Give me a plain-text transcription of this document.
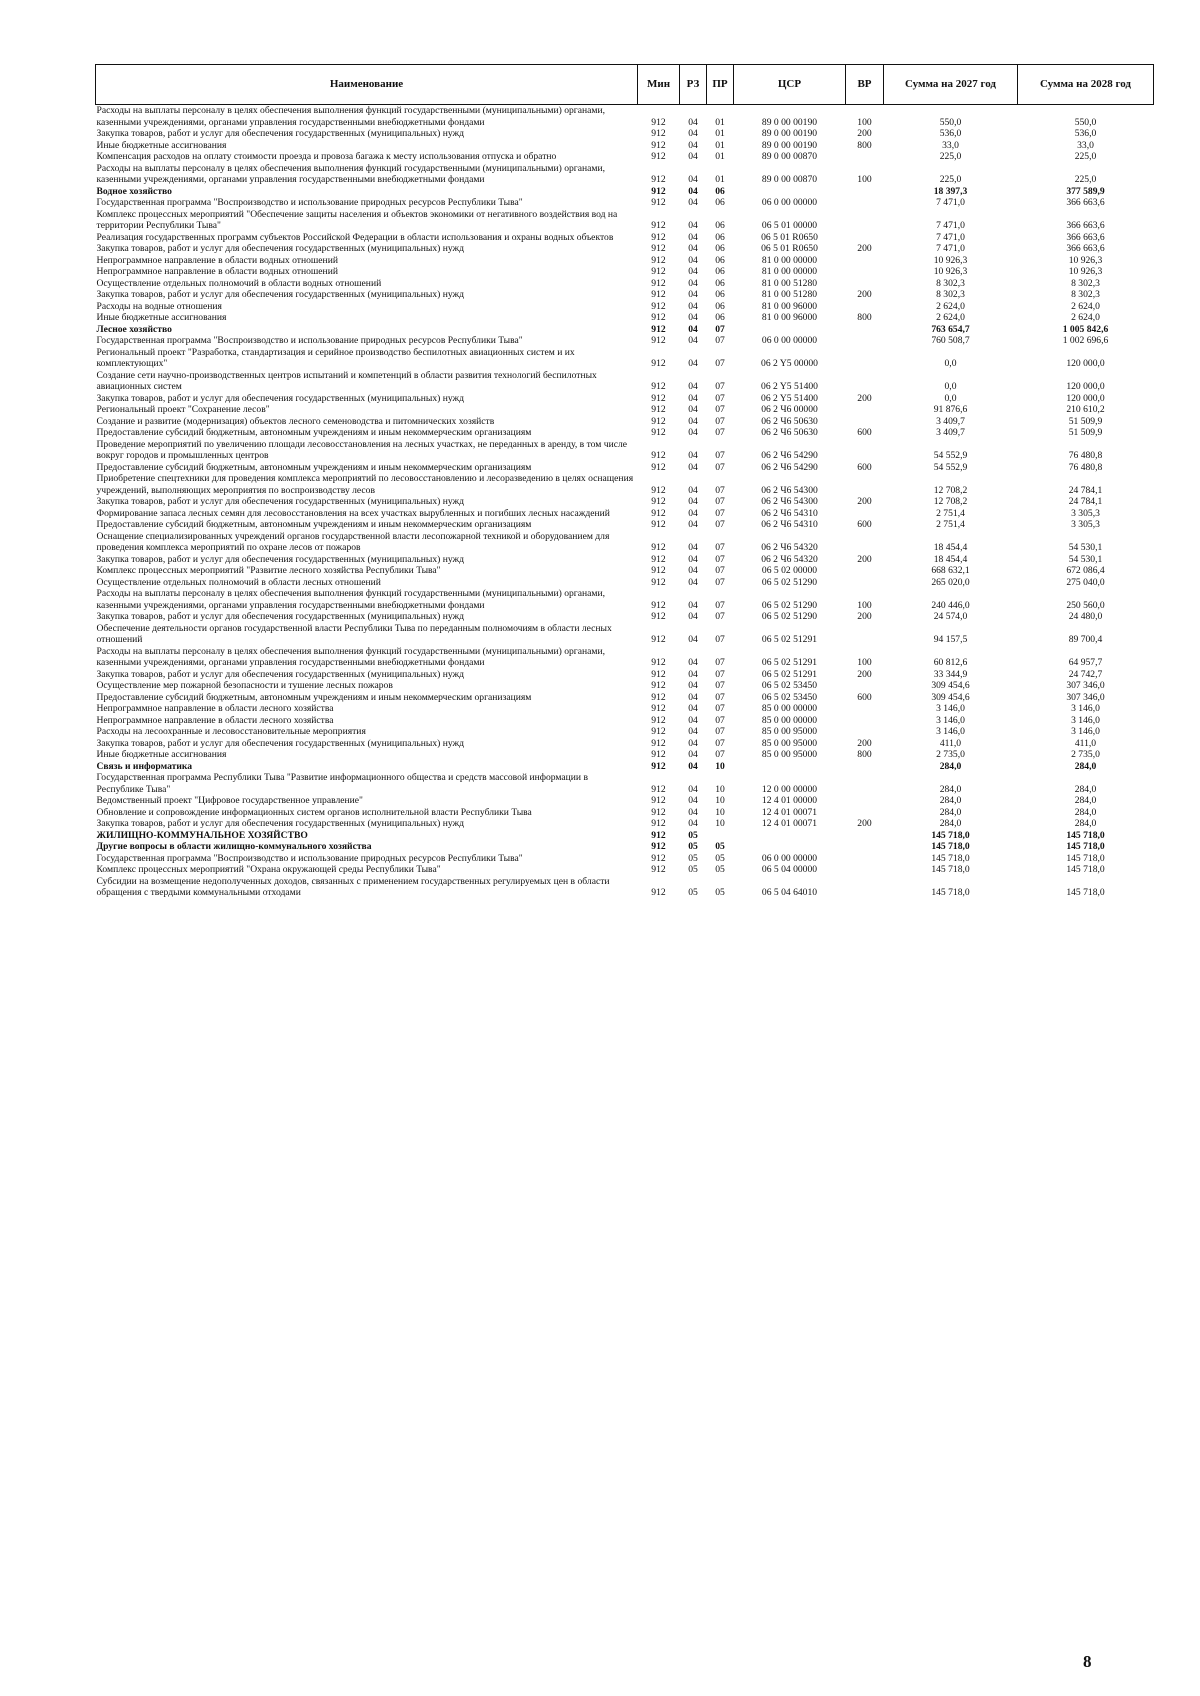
Наименование	Мин	РЗ	ПР	ЦСР	ВР	Сумма на 2027 год	Сумма на 2028 год
Расходы на выплаты персоналу в целях обеспечения выполнения функций государственными (муниципальными) органами, казенными учреждениями, органами управления государственными внебюджетными фондами	912	04	01	89 0 00 00190	100	550,0	550,0
Закупка товаров, работ и услуг для обеспечения государственных (муниципальных) нужд	912	04	01	89 0 00 00190	200	536,0	536,0
Иные бюджетные ассигнования	912	04	01	89 0 00 00190	800	33,0	33,0
Компенсация расходов на оплату стоимости проезда и провоза багажа к месту использования отпуска и обратно	912	04	01	89 0 00 00870		225,0	225,0
Расходы на выплаты персоналу в целях обеспечения выполнения функций государственными (муниципальными) органами, казенными учреждениями, органами управления государственными внебюджетными фондами	912	04	01	89 0 00 00870	100	225,0	225,0
Водное хозяйство	912	04	06			18 397,3	377 589,9
Государственная программа "Воспроизводство и использование природных ресурсов Республики Тыва"	912	04	06	06 0 00 00000		7 471,0	366 663,6
Комплекс процессных мероприятий "Обеспечение защиты населения и объектов экономики от негативного воздействия вод на территории Республики Тыва"	912	04	06	06 5 01 00000		7 471,0	366 663,6
Реализация государственных программ субъектов Российской Федерации в области использования и охраны водных объектов	912	04	06	06 5 01 R0650		7 471,0	366 663,6
Закупка товаров, работ и услуг для обеспечения государственных (муниципальных) нужд	912	04	06	06 5 01 R0650	200	7 471,0	366 663,6
Непрограммное направление в области водных отношений	912	04	06	81 0 00 00000		10 926,3	10 926,3
Непрограммное направление в области водных отношений	912	04	06	81 0 00 00000		10 926,3	10 926,3
Осуществление отдельных полномочий в области водных отношений	912	04	06	81 0 00 51280		8 302,3	8 302,3
Закупка товаров, работ и услуг для обеспечения государственных (муниципальных) нужд	912	04	06	81 0 00 51280	200	8 302,3	8 302,3
Расходы на водные отношения	912	04	06	81 0 00 96000		2 624,0	2 624,0
Иные бюджетные ассигнования	912	04	06	81 0 00 96000	800	2 624,0	2 624,0
Лесное хозяйство	912	04	07			763 654,7	1 005 842,6
Государственная программа "Воспроизводство и использование природных ресурсов Республики Тыва"	912	04	07	06 0 00 00000		760 508,7	1 002 696,6
Региональный проект "Разработка, стандартизация и серийное производство беспилотных авиационных систем и их комплектующих"	912	04	07	06 2 Y5 00000		0,0	120 000,0
Создание сети научно-производственных центров испытаний и компетенций в области развития технологий беспилотных авиационных систем	912	04	07	06 2 Y5 51400		0,0	120 000,0
Закупка товаров, работ и услуг для обеспечения государственных (муниципальных) нужд	912	04	07	06 2 Y5 51400	200	0,0	120 000,0
Региональный проект "Сохранение лесов"	912	04	07	06 2 Ч6 00000		91 876,6	210 610,2
Создание и развитие (модернизация) объектов лесного семеноводства и питомнических хозяйств	912	04	07	06 2 Ч6 50630		3 409,7	51 509,9
Предоставление субсидий бюджетным, автономным учреждениям и иным некоммерческим организациям	912	04	07	06 2 Ч6 50630	600	3 409,7	51 509,9
Проведение мероприятий по увеличению площади лесовосстановления на лесных участках, не переданных в аренду, в том числе вокруг городов и промышленных центров	912	04	07	06 2 Ч6 54290		54 552,9	76 480,8
Предоставление субсидий бюджетным, автономным учреждениям и иным некоммерческим организациям	912	04	07	06 2 Ч6 54290	600	54 552,9	76 480,8
Приобретение спецтехники для проведения комплекса мероприятий по лесовосстановлению и лесоразведению в целях оснащения учреждений, выполняющих мероприятия по воспроизводству лесов	912	04	07	06 2 Ч6 54300		12 708,2	24 784,1
Закупка товаров, работ и услуг для обеспечения государственных (муниципальных) нужд	912	04	07	06 2 Ч6 54300	200	12 708,2	24 784,1
Формирование запаса лесных семян для лесовосстановления на всех участках вырубленных и погибших лесных насаждений	912	04	07	06 2 Ч6 54310		2 751,4	3 305,3
Предоставление субсидий бюджетным, автономным учреждениям и иным некоммерческим организациям	912	04	07	06 2 Ч6 54310	600	2 751,4	3 305,3
Оснащение специализированных учреждений органов государственной власти лесопожарной техникой и оборудованием для проведения комплекса мероприятий по охране лесов от пожаров	912	04	07	06 2 Ч6 54320		18 454,4	54 530,1
Закупка товаров, работ и услуг для обеспечения государственных (муниципальных) нужд	912	04	07	06 2 Ч6 54320	200	18 454,4	54 530,1
Комплекс процессных мероприятий "Развитие лесного хозяйства Республики Тыва"	912	04	07	06 5 02 00000		668 632,1	672 086,4
Осуществление отдельных полномочий в области лесных отношений	912	04	07	06 5 02 51290		265 020,0	275 040,0
Расходы на выплаты персоналу в целях обеспечения выполнения функций государственными (муниципальными) органами, казенными учреждениями, органами управления государственными внебюджетными фондами	912	04	07	06 5 02 51290	100	240 446,0	250 560,0
Закупка товаров, работ и услуг для обеспечения государственных (муниципальных) нужд	912	04	07	06 5 02 51290	200	24 574,0	24 480,0
Обеспечение деятельности органов государственной власти Республики Тыва по переданным полномочиям в области лесных отношений	912	04	07	06 5 02 51291		94 157,5	89 700,4
Расходы на выплаты персоналу в целях обеспечения выполнения функций государственными (муниципальными) органами, казенными учреждениями, органами управления государственными внебюджетными фондами	912	04	07	06 5 02 51291	100	60 812,6	64 957,7
Закупка товаров, работ и услуг для обеспечения государственных (муниципальных) нужд	912	04	07	06 5 02 51291	200	33 344,9	24 742,7
Осуществление мер пожарной безопасности и тушение лесных пожаров	912	04	07	06 5 02 53450		309 454,6	307 346,0
Предоставление субсидий бюджетным, автономным учреждениям и иным некоммерческим организациям	912	04	07	06 5 02 53450	600	309 454,6	307 346,0
Непрограммное направление в области лесного хозяйства	912	04	07	85 0 00 00000		3 146,0	3 146,0
Непрограммное направление в области лесного хозяйства	912	04	07	85 0 00 00000		3 146,0	3 146,0
Расходы на лесоохранные и лесовосстановительные мероприятия	912	04	07	85 0 00 95000		3 146,0	3 146,0
Закупка товаров, работ и услуг для обеспечения государственных (муниципальных) нужд	912	04	07	85 0 00 95000	200	411,0	411,0
Иные бюджетные ассигнования	912	04	07	85 0 00 95000	800	2 735,0	2 735,0
Связь и информатика	912	04	10			284,0	284,0
Государственная программа Республики Тыва "Развитие информационного общества и средств массовой информации в Республике Тыва"	912	04	10	12 0 00 00000		284,0	284,0
Ведомственный проект "Цифровое государственное управление"	912	04	10	12 4 01 00000		284,0	284,0
Обновление и сопровождение информационных систем органов исполнительной власти Республики Тыва	912	04	10	12 4 01 00071		284,0	284,0
Закупка товаров, работ и услуг для обеспечения государственных (муниципальных) нужд	912	04	10	12 4 01 00071	200	284,0	284,0
ЖИЛИЩНО-КОММУНАЛЬНОЕ ХОЗЯЙСТВО	912	05				145 718,0	145 718,0
Другие вопросы в области жилищно-коммунального хозяйства	912	05	05			145 718,0	145 718,0
Государственная программа "Воспроизводство и использование природных ресурсов Республики Тыва"	912	05	05	06 0 00 00000		145 718,0	145 718,0
Комплекс процессных мероприятий "Охрана окружающей среды Республики Тыва"	912	05	05	06 5 04 00000		145 718,0	145 718,0
Субсидии на возмещение недополученных доходов, связанных с применением государственных регулируемых цен в области обращения с твердыми коммунальными отходами	912	05	05	06 5 04 64010		145 718,0	145 718,0
8
